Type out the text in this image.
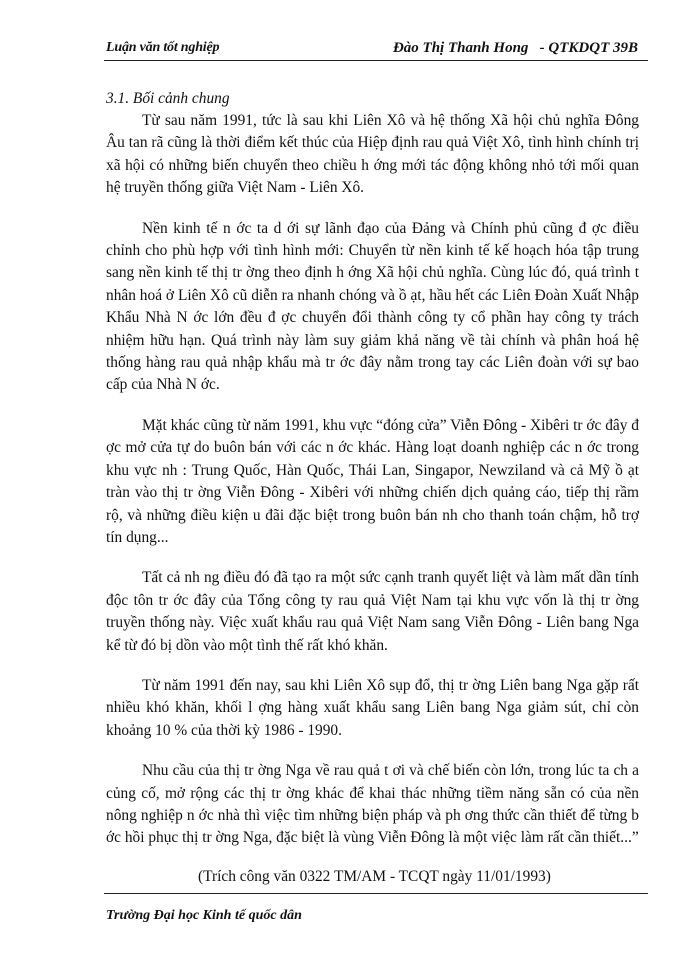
Luận văn tốt nghiệp	Đào Thị Thanh Hong   - QTKDQT 39B

3.1. Bối cảnh chung

Từ sau năm 1991, tức là sau khi Liên Xô và hệ thống Xã hội chủ nghĩa Đông Âu tan rã cũng là thời điểm kết thúc của Hiệp định rau quả Việt Xô, tình hình chính trị xã hội có những biến chuyển theo chiều h ớng mới tác động không nhỏ tới mối quan hệ truyền thống giữa Việt Nam - Liên Xô.

Nền kinh tế n ớc ta d ới sự lãnh đạo của Đảng và Chính phủ cũng đ ợc điều chỉnh cho phù hợp với tình hình mới: Chuyển từ nền kinh tế kế hoạch hóa tập trung sang nền kinh tế thị tr ờng theo định h ớng Xã hội chủ nghĩa. Cùng lúc đó, quá trình t nhân hoá ở Liên Xô cũ diễn ra nhanh chóng và ồ ạt, hầu hết các Liên Đoàn Xuất Nhập Khẩu Nhà N ớc lớn đều đ ợc chuyển đổi thành công ty cổ phần hay công ty trách nhiệm hữu hạn. Quá trình này làm suy giảm khả năng về tài chính và phân hoá hệ thống hàng rau quả nhập khẩu mà tr ớc đây nằm trong tay các Liên đoàn với sự bao cấp của Nhà N ớc.

Mặt khác cũng từ năm 1991, khu vực “đóng cửa” Viễn Đông - Xibêri tr ớc đây đ ợc mở cửa tự do buôn bán với các n ớc khác. Hàng loạt doanh nghiệp các n ớc trong khu vực nh : Trung Quốc, Hàn Quốc, Thái Lan, Singapor, Newziland và cả Mỹ ồ ạt tràn vào thị tr ờng Viễn Đông - Xibêri với những chiến dịch quảng cáo, tiếp thị rầm rộ, và những điều kiện u đãi đặc biệt trong buôn bán nh cho thanh toán chậm, hỗ trợ tín dụng...

Tất cả nh ng điều đó đã tạo ra một sức cạnh tranh quyết liệt và làm mất dần tính độc tôn tr ớc đây của Tổng công ty rau quả Việt Nam tại khu vực vốn là thị tr ờng truyền thống này. Việc xuất khẩu rau quả Việt Nam sang Viễn Đông - Liên bang Nga kể từ đó bị dồn vào một tình thế rất khó khăn.

Từ năm 1991 đến nay, sau khi Liên Xô sụp đổ, thị tr ờng Liên bang Nga gặp rất nhiều khó khăn, khối l ợng hàng xuất khẩu sang Liên bang Nga giảm sút, chỉ còn khoảng 10 % của thời kỳ 1986 - 1990.

Nhu cầu của thị tr ờng Nga về rau quả t ơi và chế biến còn lớn, trong lúc ta ch a củng cố, mở rộng các thị tr ờng khác để khai thác những tiềm năng sẵn có của nền nông nghiệp n ớc nhà thì việc tìm những biện pháp và ph ơng thức cần thiết để từng b ớc hồi phục thị tr ờng Nga, đặc biệt là vùng Viễn Đông là một việc làm rất cần thiết...”

(Trích công văn 0322 TM/AM - TCQT ngày 11/01/1993)

Trường Đại học Kinh tế quốc dân
